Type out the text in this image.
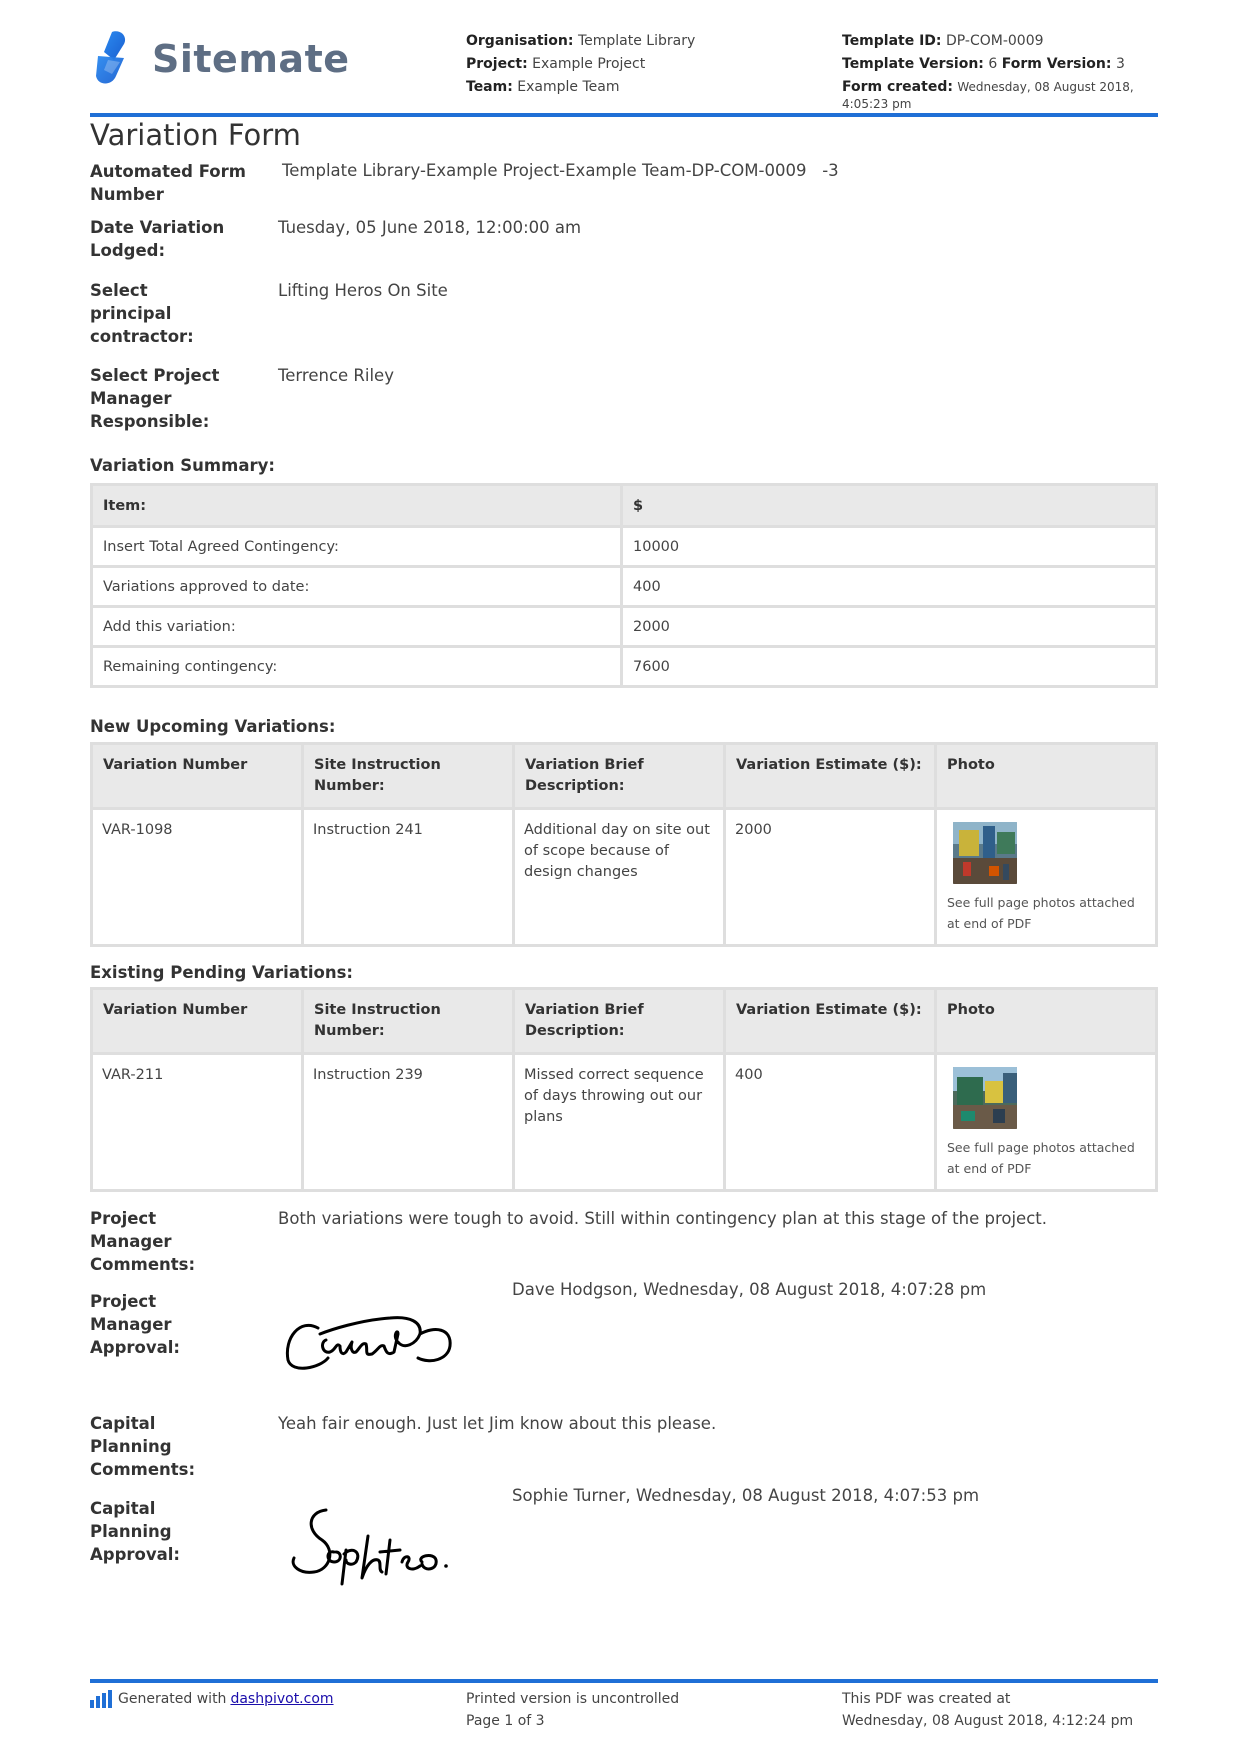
Sitemate	Organisation: Template Library
Project: Example Project
Team: Example Team
Template ID: DP-COM-0009
Template Version: 6 Form Version: 3
Form created: Wednesday, 08 August 2018, 4:05:23 pm
Variation Form
Automated Form Number
Template Library-Example Project-Example Team-DP-COM-0009   -3
Date Variation Lodged:
Tuesday, 05 June 2018, 12:00:00 am
Select principal contractor:
Lifting Heros On Site
Select Project Manager Responsible:
Terrence Riley
Variation Summary:
Item:	$
Insert Total Agreed Contingency:	10000
Variations approved to date:	400
Add this variation:	2000
Remaining contingency:	7600
New Upcoming Variations:
Variation Number	Site Instruction Number:	Variation Brief Description:	Variation Estimate ($):	Photo
VAR-1098	Instruction 241	Additional day on site out of scope because of design changes	2000	See full page photos attached at end of PDF
Existing Pending Variations:
Variation Number	Site Instruction Number:	Variation Brief Description:	Variation Estimate ($):	Photo
VAR-211	Instruction 239	Missed correct sequence of days throwing out our plans	400	See full page photos attached at end of PDF
Project Manager Comments:
Both variations were tough to avoid. Still within contingency plan at this stage of the project.
Project Manager Approval:
Dave Hodgson, Wednesday, 08 August 2018, 4:07:28 pm
Capital Planning Comments:
Yeah fair enough. Just let Jim know about this please.
Capital Planning Approval:
Sophie Turner, Wednesday, 08 August 2018, 4:07:53 pm
Generated with dashpivot.com	Printed version is uncontrolled
Page 1 of 3
This PDF was created at
Wednesday, 08 August 2018, 4:12:24 pm
